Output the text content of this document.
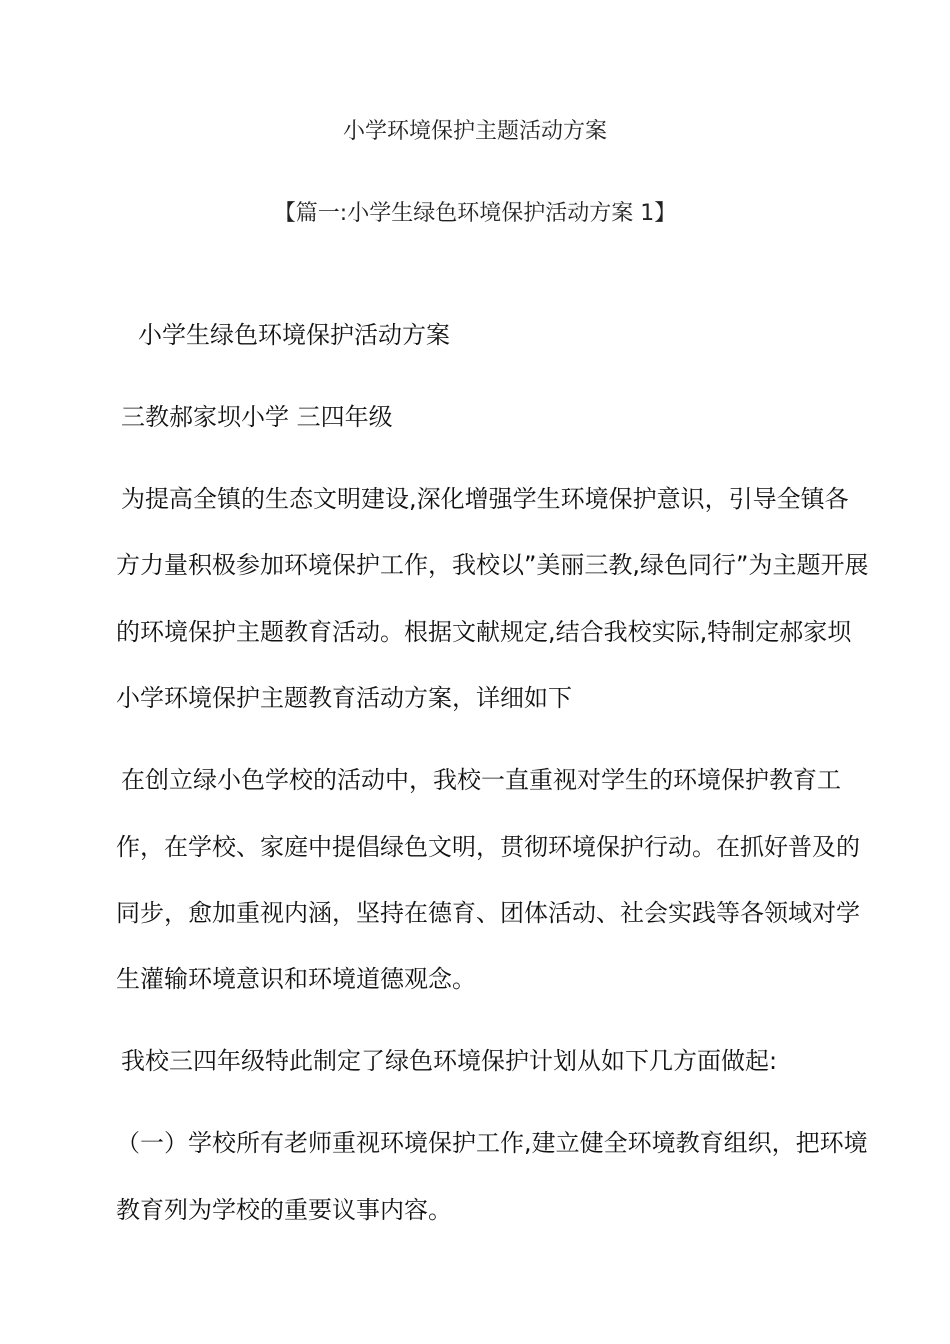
小学环境保护主题活动方案
【篇一:小学生绿色环境保护活动方案 1】
小学生绿色环境保护活动方案
三教郝家坝小学 三四年级
为提高全镇的生态文明建设,深化增强学生环境保护意识，引导全镇各
方力量积极参加环境保护工作，我校以”美丽三教,绿色同行”为主题开展
的环境保护主题教育活动。根据文献规定,结合我校实际,特制定郝家坝
小学环境保护主题教育活动方案，详细如下
在创立绿小色学校的活动中，我校一直重视对学生的环境保护教育工
作，在学校、家庭中提倡绿色文明，贯彻环境保护行动。在抓好普及的
同步，愈加重视内涵，坚持在德育、团体活动、社会实践等各领域对学
生灌输环境意识和环境道德观念。
我校三四年级特此制定了绿色环境保护计划从如下几方面做起:
（一）学校所有老师重视环境保护工作,建立健全环境教育组织，把环境
教育列为学校的重要议事内容。
